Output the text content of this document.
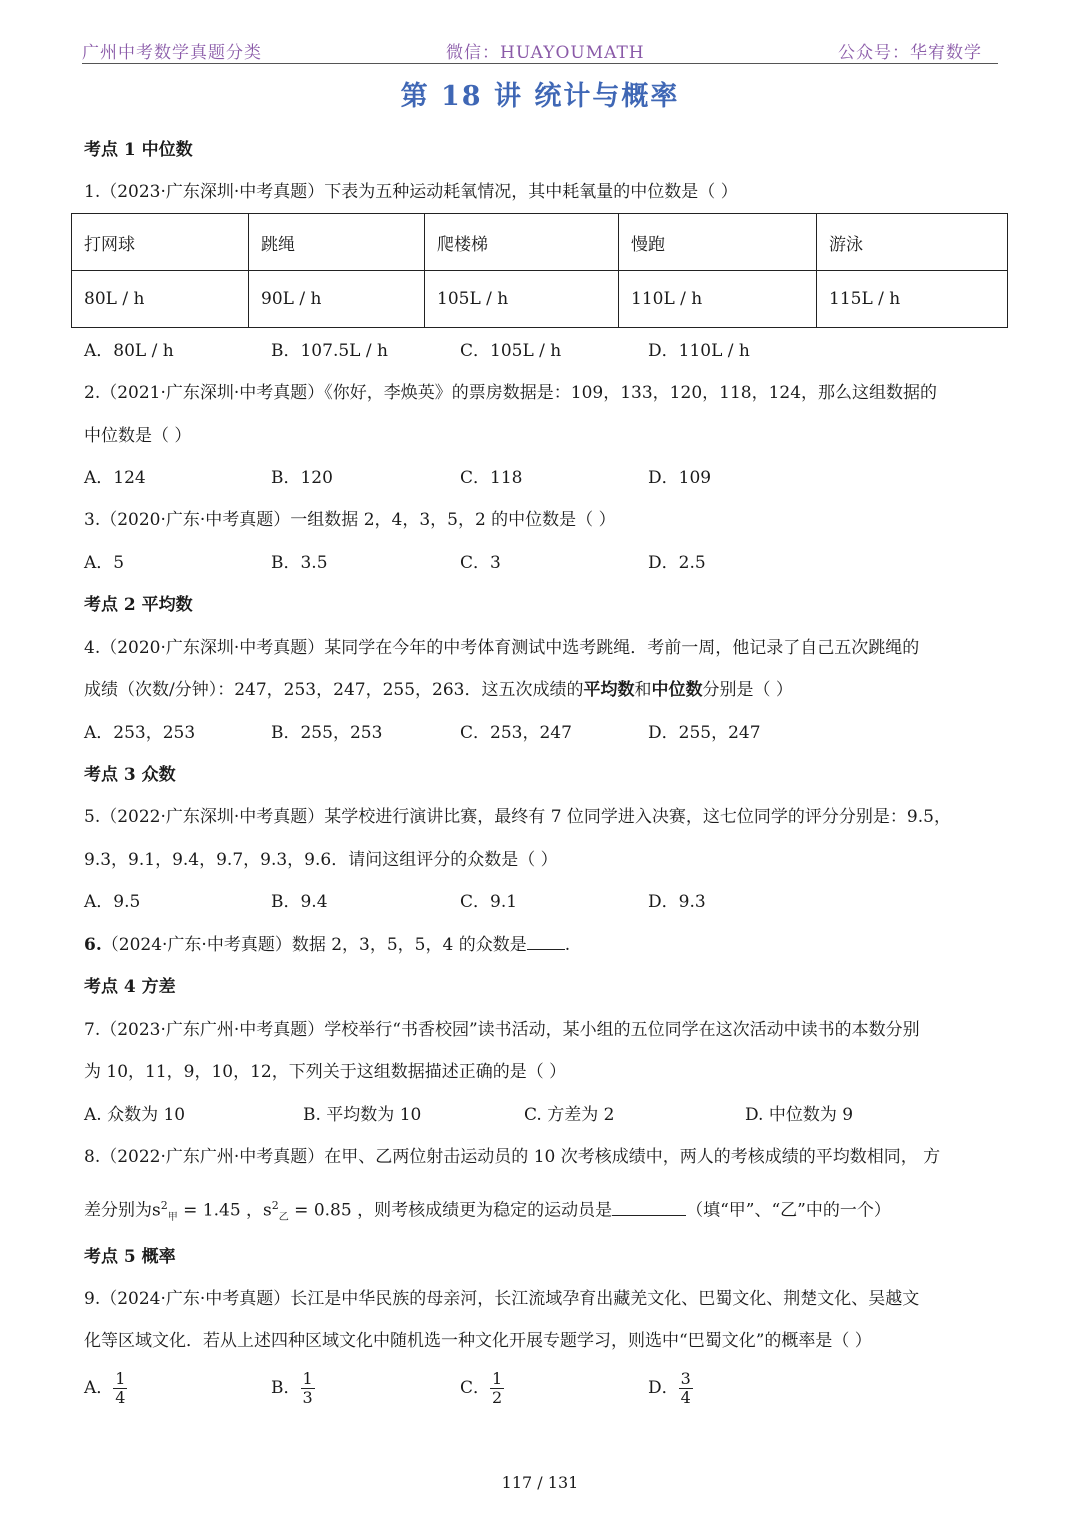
广州中考数学真题分类	微信：HUAYOUMATH	公众号：华宥数学
第 18 讲 统计与概率
考点 1 中位数
1.（2023·广东深圳·中考真题）下表为五种运动耗氧情况，其中耗氧量的中位数是（ ）
打网球	跳绳	爬楼梯	慢跑	游泳
80L / h	90L / h	105L / h	110L / h	115L / h
A．80L / h	B．107.5L / h	C．105L / h	D．110L / h
2.（2021·广东深圳·中考真题）《你好，李焕英》的票房数据是：109，133，120，118，124，那么这组数据的
中位数是（ ）
A．124	B．120	C．118	D．109
3.（2020·广东·中考真题）一组数据 2，4，3，5，2 的中位数是（ ）
A．5	B．3.5	C．3	D．2.5
考点 2 平均数
4.（2020·广东深圳·中考真题）某同学在今年的中考体育测试中选考跳绳．考前一周，他记录了自己五次跳绳的
成绩（次数/分钟）：247，253，247，255，263．这五次成绩的平均数和中位数分别是（ ）
A．253，253	B．255，253	C．253，247	D．255，247
考点 3 众数
5.（2022·广东深圳·中考真题）某学校进行演讲比赛，最终有 7 位同学进入决赛，这七位同学的评分分别是：9.5，
9.3，9.1，9.4，9.7，9.3，9.6．请问这组评分的众数是（ ）
A．9.5	B．9.4	C．9.1	D．9.3
6.（2024·广东·中考真题）数据 2，3，5，5，4 的众数是 .
考点 4 方差
7.（2023·广东广州·中考真题）学校举行“书香校园”读书活动，某小组的五位同学在这次活动中读书的本数分别
为 10，11，9，10，12，下列关于这组数据描述正确的是（ ）
A. 众数为 10	B. 平均数为 10	C. 方差为 2	D. 中位数为 9
8.（2022·广东广州·中考真题）在甲、乙两位射击运动员的 10 次考核成绩中，两人的考核成绩的平均数相同， 方
差分别为$s^2_甲 = 1.45$ ，$s^2_乙 = 0.85$ ，则考核成绩更为稳定的运动员是	（填“甲”、“乙”中的一个）
考点 5 概率
9.（2024·广东·中考真题）长江是中华民族的母亲河，长江流域孕育出藏羌文化、巴蜀文化、荆楚文化、吴越文
化等区域文化．若从上述四种区域文化中随机选一种文化开展专题学习，则选中“巴蜀文化”的概率是（ ）
A． $\frac{1}{4}$	B． $\frac{1}{3}$	C． $\frac{1}{2}$	D． $\frac{3}{4}$
117 / 131
